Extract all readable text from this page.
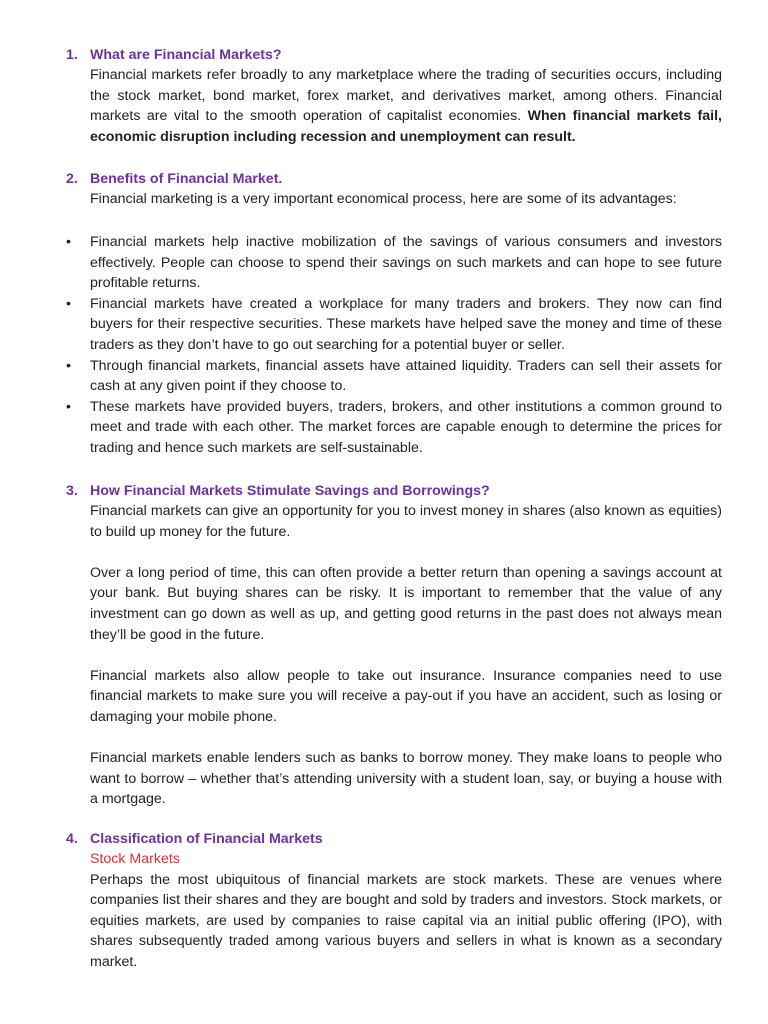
1. What are Financial Markets?

Financial markets refer broadly to any marketplace where the trading of securities occurs, including the stock market, bond market, forex market, and derivatives market, among others. Financial markets are vital to the smooth operation of capitalist economies. When financial markets fail, economic disruption including recession and unemployment can result.

2. Benefits of Financial Market.

Financial marketing is a very important economical process, here are some of its advantages:

•	Financial markets help inactive mobilization of the savings of various consumers and investors effectively. People can choose to spend their savings on such markets and can hope to see future profitable returns.
•	Financial markets have created a workplace for many traders and brokers. They now can find buyers for their respective securities. These markets have helped save the money and time of these traders as they don’t have to go out searching for a potential buyer or seller.
•	Through financial markets, financial assets have attained liquidity. Traders can sell their assets for cash at any given point if they choose to.
•	These markets have provided buyers, traders, brokers, and other institutions a common ground to meet and trade with each other. The market forces are capable enough to determine the prices for trading and hence such markets are self-sustainable.
3. How Financial Markets Stimulate Savings and Borrowings?

Financial markets can give an opportunity for you to invest money in shares (also known as equities) to build up money for the future.

Over a long period of time, this can often provide a better return than opening a savings account at your bank. But buying shares can be risky. It is important to remember that the value of any investment can go down as well as up, and getting good returns in the past does not always mean they’ll be good in the future.

Financial markets also allow people to take out insurance. Insurance companies need to use financial markets to make sure you will receive a pay-out if you have an accident, such as losing or damaging your mobile phone.

Financial markets enable lenders such as banks to borrow money. They make loans to people who want to borrow – whether that’s attending university with a student loan, say, or buying a house with a mortgage.

4. Classification of Financial Markets
Stock Markets

Perhaps the most ubiquitous of financial markets are stock markets. These are venues where companies list their shares and they are bought and sold by traders and investors. Stock markets, or equities markets, are used by companies to raise capital via an initial public offering (IPO), with shares subsequently traded among various buyers and sellers in what is known as a secondary market.
